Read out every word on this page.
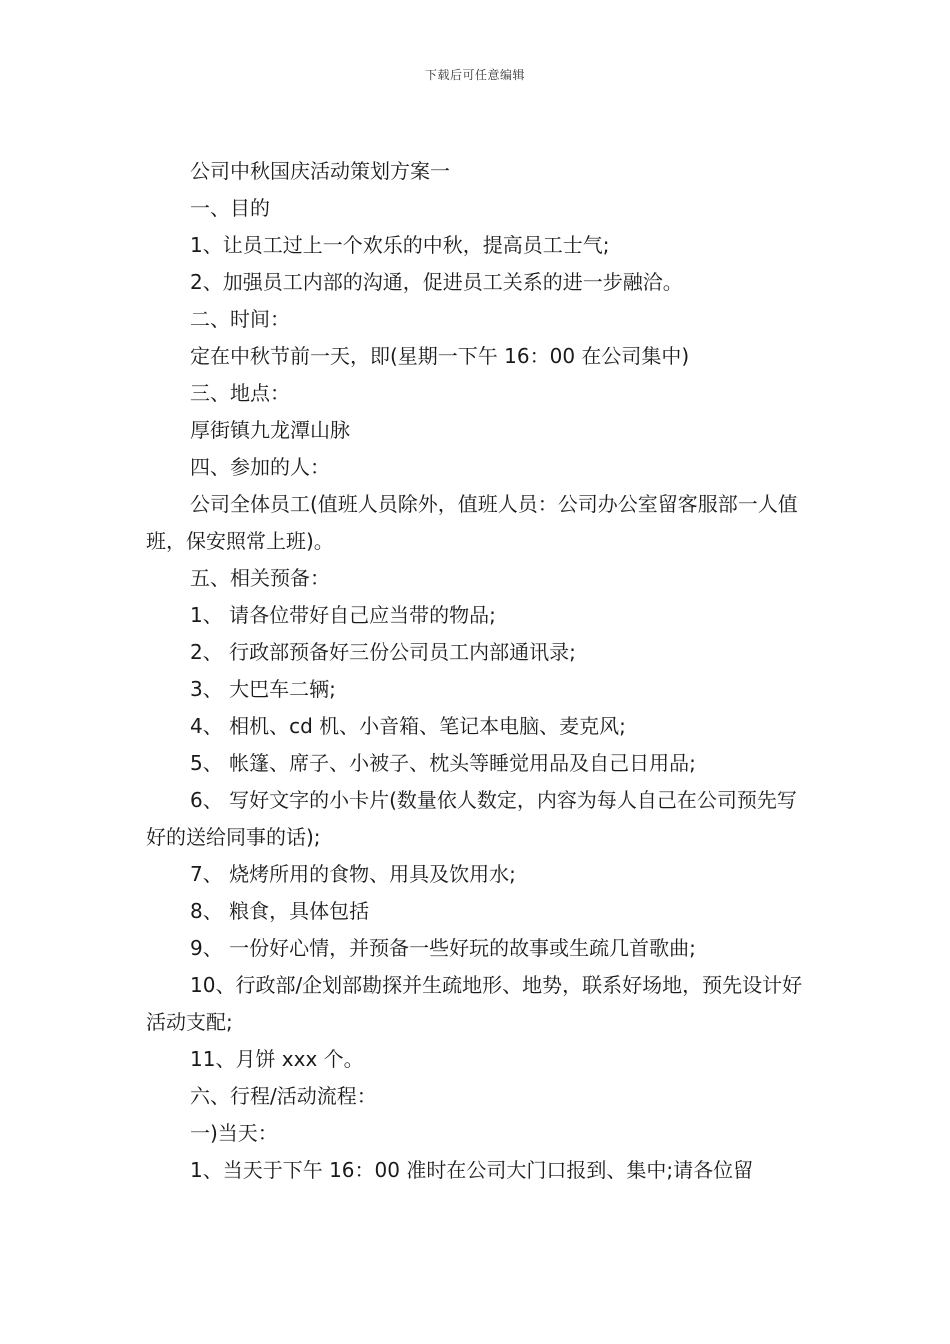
下载后可任意编辑

公司中秋国庆活动策划方案一

一、目的

1、让员工过上一个欢乐的中秋，提高员工士气;

2、加强员工内部的沟通，促进员工关系的进一步融洽。

二、时间：

定在中秋节前一天，即(星期一下午 16：00 在公司集中)

三、地点：

厚街镇九龙潭山脉

四、参加的人：

公司全体员工(值班人员除外，值班人员：公司办公室留客服部一人值班，保安照常上班)。

五、相关预备：

1、 请各位带好自己应当带的物品;

2、 行政部预备好三份公司员工内部通讯录;

3、 大巴车二辆;

4、 相机、cd 机、小音箱、笔记本电脑、麦克风;

5、 帐篷、席子、小被子、枕头等睡觉用品及自己日用品;

6、 写好文字的小卡片(数量依人数定，内容为每人自己在公司预先写好的送给同事的话);

7、 烧烤所用的食物、用具及饮用水;

8、 粮食，具体包括

9、 一份好心情，并预备一些好玩的故事或生疏几首歌曲;

10、行政部/企划部勘探并生疏地形、地势，联系好场地，预先设计好活动支配;

11、月饼 xxx 个。

六、行程/活动流程：

一)当天：

1、当天于下午 16：00 准时在公司大门口报到、集中;请各位留
